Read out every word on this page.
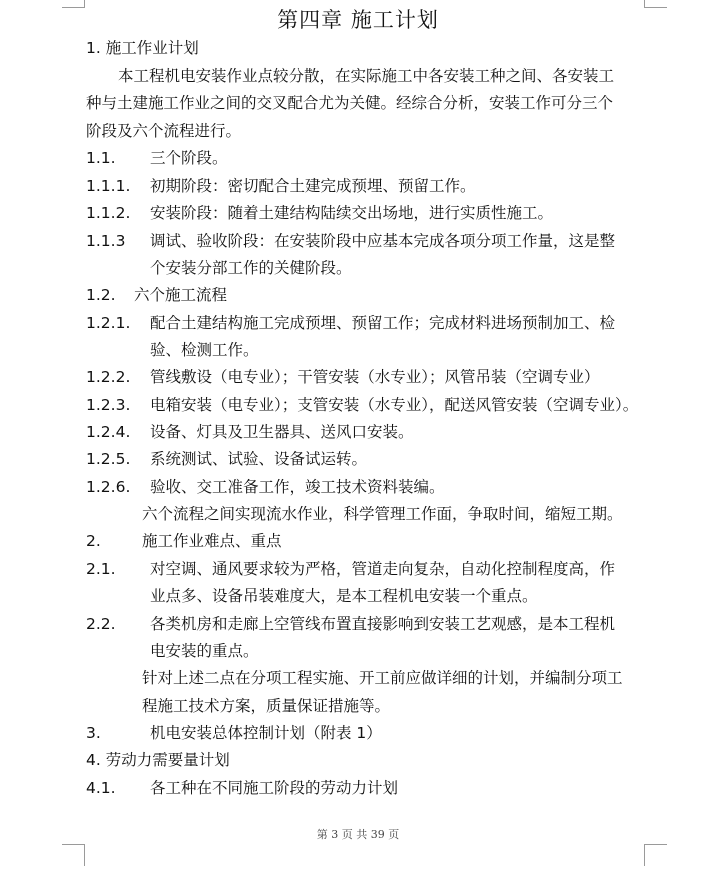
第四章 施工计划
1. 施工作业计划
本工程机电安装作业点较分散，在实际施工中各安装工种之间、各安装工
种与土建施工作业之间的交叉配合尤为关健。经综合分析，安装工作可分三个
阶段及六个流程进行。
1.1. 三个阶段。
1.1.1. 初期阶段：密切配合土建完成预埋、预留工作。
1.1.2. 安装阶段：随着土建结构陆续交出场地，进行实质性施工。
1.1.3 调试、验收阶段：在安装阶段中应基本完成各项分项工作量，这是整
个安装分部工作的关健阶段。
1.2. 六个施工流程
1.2.1. 配合土建结构施工完成预埋、预留工作；完成材料进场预制加工、检
验、检测工作。
1.2.2. 管线敷设（电专业）；干管安装（水专业）；风管吊装（空调专业）
1.2.3. 电箱安装（电专业）；支管安装（水专业），配送风管安装（空调专业）。
1.2.4. 设备、灯具及卫生器具、送风口安装。
1.2.5. 系统测试、试验、设备试运转。
1.2.6. 验收、交工准备工作，竣工技术资料装编。
六个流程之间实现流水作业，科学管理工作面，争取时间，缩短工期。
2.	施工作业难点、重点
2.1. 对空调、通风要求较为严格，管道走向复杂，自动化控制程度高，作
业点多、设备吊装难度大，是本工程机电安装一个重点。
2.2. 各类机房和走廊上空管线布置直接影响到安装工艺观感，是本工程机
电安装的重点。
针对上述二点在分项工程实施、开工前应做详细的计划，并编制分项工
程施工技术方案，质量保证措施等。
3.	机电安装总体控制计划（附表 1）
4. 劳动力需要量计划
4.1. 各工种在不同施工阶段的劳动力计划
第 3 页 共 39 页
